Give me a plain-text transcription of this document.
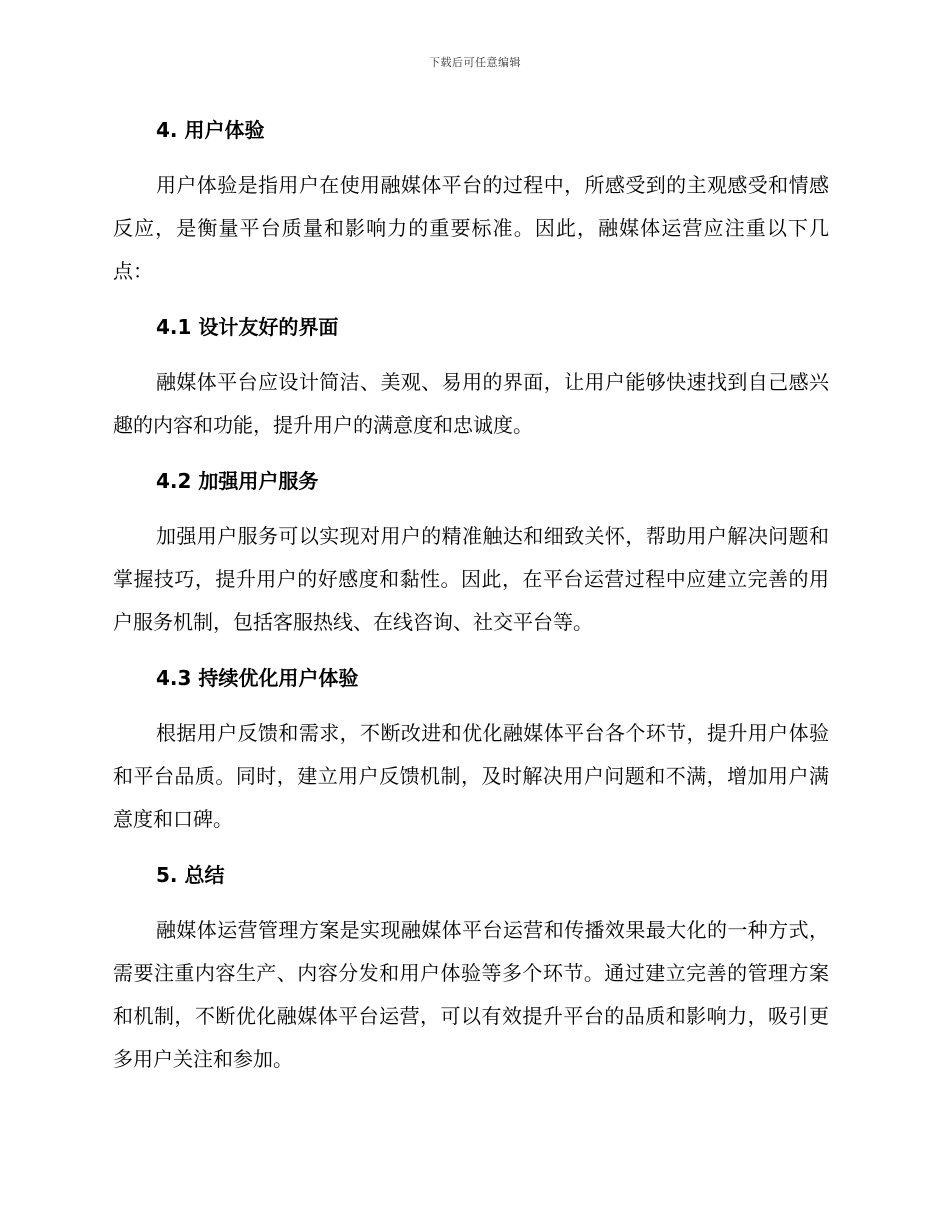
下载后可任意编辑
4. 用户体验

用户体验是指用户在使用融媒体平台的过程中，所感受到的主观感受和情感反应，是衡量平台质量和影响力的重要标准。因此，融媒体运营应注重以下几点：

4.1 设计友好的界面

融媒体平台应设计简洁、美观、易用的界面，让用户能够快速找到自己感兴趣的内容和功能，提升用户的满意度和忠诚度。

4.2 加强用户服务

加强用户服务可以实现对用户的精准触达和细致关怀，帮助用户解决问题和掌握技巧，提升用户的好感度和黏性。因此，在平台运营过程中应建立完善的用户服务机制，包括客服热线、在线咨询、社交平台等。

4.3 持续优化用户体验

根据用户反馈和需求，不断改进和优化融媒体平台各个环节，提升用户体验和平台品质。同时，建立用户反馈机制，及时解决用户问题和不满，增加用户满意度和口碑。

5. 总结

融媒体运营管理方案是实现融媒体平台运营和传播效果最大化的一种方式，需要注重内容生产、内容分发和用户体验等多个环节。通过建立完善的管理方案和机制，不断优化融媒体平台运营，可以有效提升平台的品质和影响力，吸引更多用户关注和参加。
